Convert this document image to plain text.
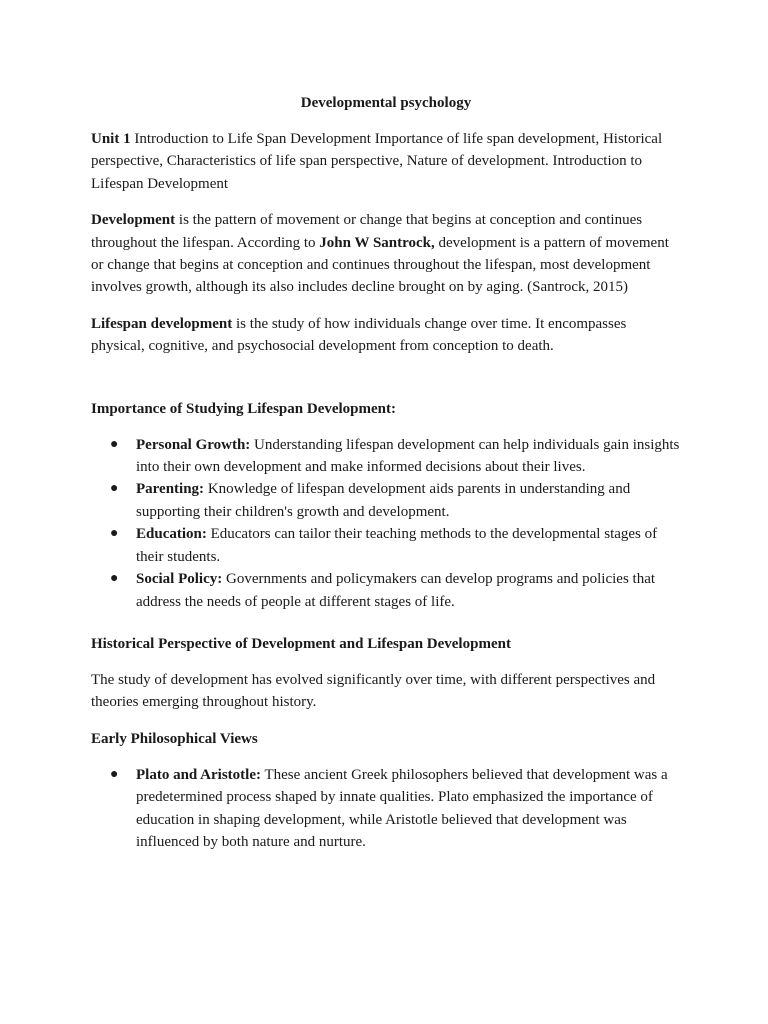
Developmental psychology

Unit 1 Introduction to Life Span Development Importance of life span development, Historical perspective, Characteristics of life span perspective, Nature of development. Introduction to Lifespan Development

Development is the pattern of movement or change that begins at conception and continues throughout the lifespan. According to John W Santrock, development is a pattern of movement or change that begins at conception and continues throughout the lifespan, most development involves growth, although its also includes decline brought on by aging. (Santrock, 2015)

Lifespan development is the study of how individuals change over time. It encompasses physical, cognitive, and psychosocial development from conception to death.

Importance of Studying Lifespan Development:
● Personal Growth: Understanding lifespan development can help individuals gain insights into their own development and make informed decisions about their lives.
● Parenting: Knowledge of lifespan development aids parents in understanding and supporting their children's growth and development.
● Education: Educators can tailor their teaching methods to the developmental stages of their students.
● Social Policy: Governments and policymakers can develop programs and policies that address the needs of people at different stages of life.
Historical Perspective of Development and Lifespan Development

The study of development has evolved significantly over time, with different perspectives and theories emerging throughout history.

Early Philosophical Views
● Plato and Aristotle: These ancient Greek philosophers believed that development was a predetermined process shaped by innate qualities. Plato emphasized the importance of education in shaping development, while Aristotle believed that development was influenced by both nature and nurture.
